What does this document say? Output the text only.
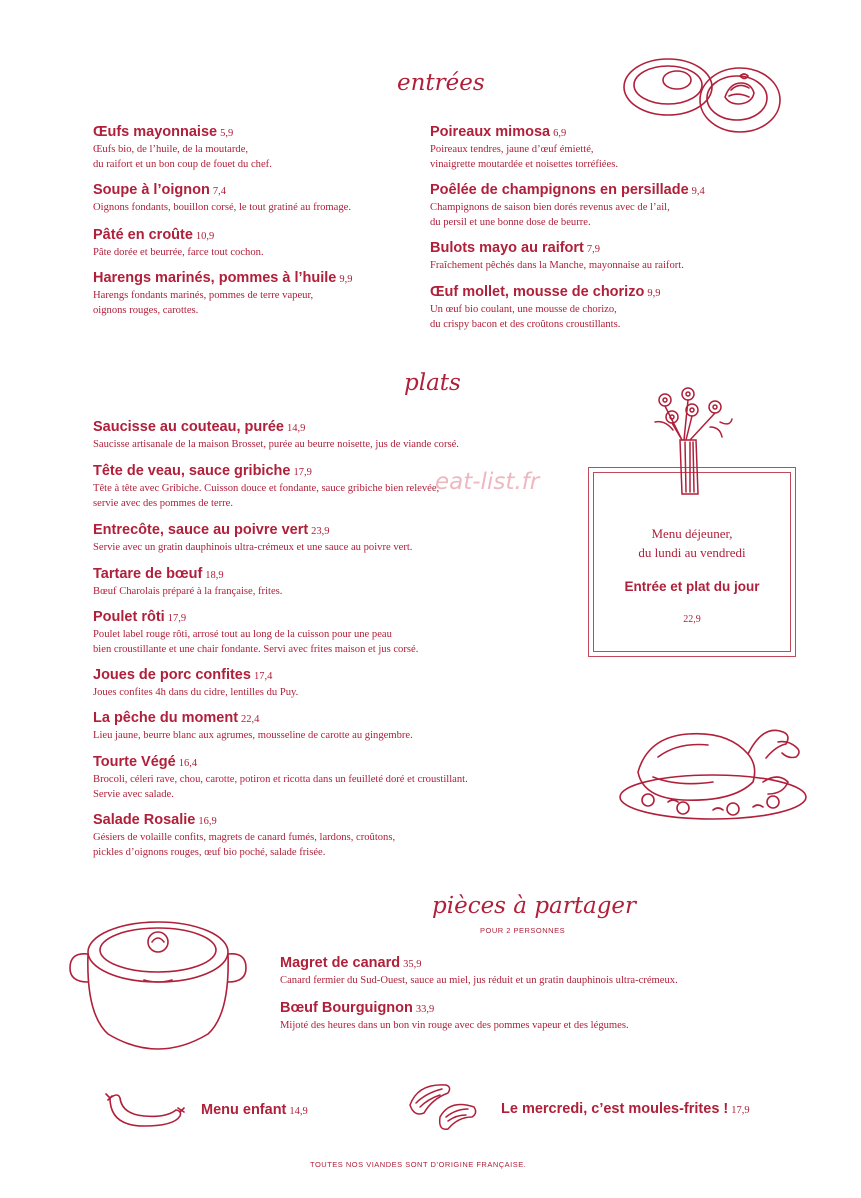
entrées
plats
pièces à partager
POUR 2 PERSONNES
Œufs mayonnaise 5,9
Œufs bio, de l’huile, de la moutarde,
du raifort et un bon coup de fouet du chef.
Soupe à l’oignon 7,4
Oignons fondants, bouillon corsé, le tout gratiné au fromage.
Pâté en croûte 10,9
Pâte dorée et beurrée, farce tout cochon.
Harengs marinés, pommes à l’huile 9,9
Harengs fondants marinés, pommes de terre vapeur,
oignons rouges, carottes.
Poireaux mimosa 6,9
Poireaux tendres, jaune d’œuf émietté,
vinaigrette moutardée et noisettes torréfiées.
Poêlée de champignons en persillade 9,4
Champignons de saison bien dorés revenus avec de l’ail,
du persil et une bonne dose de beurre.
Bulots mayo au raifort 7,9
Fraîchement pêchés dans la Manche, mayonnaise au raifort.
Œuf mollet, mousse de chorizo 9,9
Un œuf bio coulant, une mousse de chorizo,
du crispy bacon et des croûtons croustillants.
Saucisse au couteau, purée 14,9
Saucisse artisanale de la maison Brosset, purée au beurre noisette, jus de viande corsé.
Tête de veau, sauce gribiche 17,9
Tête à tête avec Gribiche. Cuisson douce et fondante, sauce gribiche bien relevée,
servie avec des pommes de terre.
Entrecôte, sauce au poivre vert 23,9
Servie avec un gratin dauphinois ultra-crémeux et une sauce au poivre vert.
Tartare de bœuf 18,9
Bœuf Charolais préparé à la française, frites.
Poulet rôti 17,9
Poulet label rouge rôti, arrosé tout au long de la cuisson pour une peau
bien croustillante et une chair fondante. Servi avec frites maison et jus corsé.
Joues de porc confites 17,4
Joues confites 4h dans du cidre, lentilles du Puy.
La pêche du moment 22,4
Lieu jaune, beurre blanc aux agrumes, mousseline de carotte au gingembre.
Tourte Végé 16,4
Brocoli, céleri rave, chou, carotte, potiron et ricotta dans un feuilleté doré et croustillant.
Servie avec salade.
Salade Rosalie 16,9
Gésiers de volaille confits, magrets de canard fumés, lardons, croûtons,
pickles d’oignons rouges, œuf bio poché, salade frisée.
Magret de canard 35,9
Canard fermier du Sud-Ouest, sauce au miel, jus réduit et un gratin dauphinois ultra-crémeux.
Bœuf Bourguignon 33,9
Mijoté des heures dans un bon vin rouge avec des pommes vapeur et des légumes.
eat-list.fr
Menu déjeuner,
du lundi au vendredi
Entrée et plat du jour
22,9
Menu enfant 14,9	Le mercredi, c’est moules-frites ! 17,9
TOUTES NOS VIANDES SONT D’ORIGINE FRANÇAISE.
